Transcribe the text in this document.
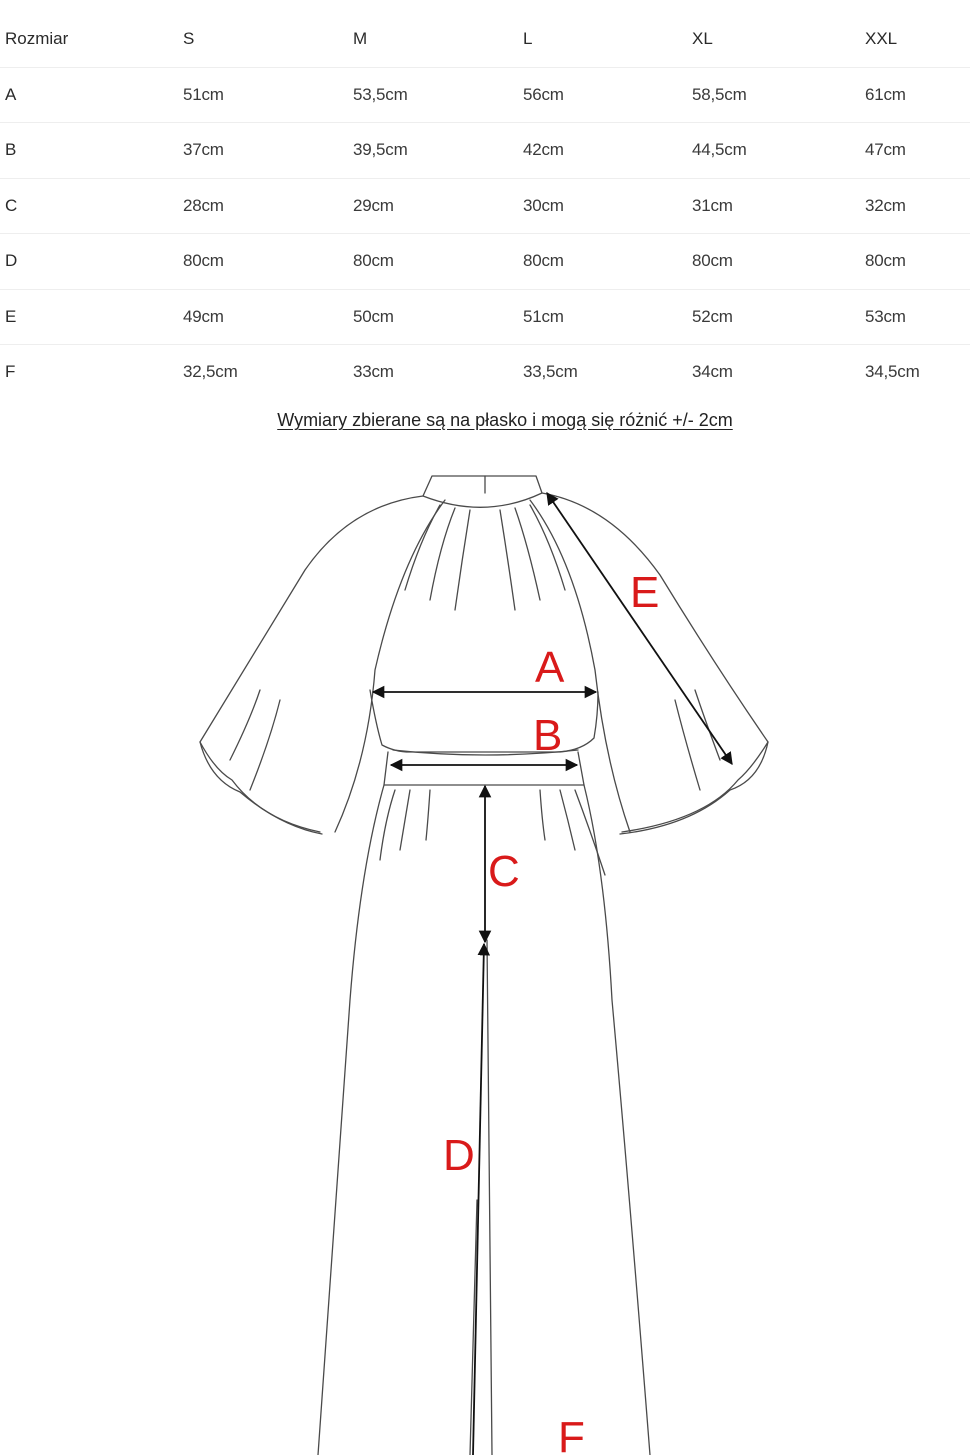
Rozmiar	S	M	L	XL	XXL
A	51cm	53,5cm	56cm	58,5cm	61cm
B	37cm	39,5cm	42cm	44,5cm	47cm
C	28cm	29cm	30cm	31cm	32cm
D	80cm	80cm	80cm	80cm	80cm
E	49cm	50cm	51cm	52cm	53cm
F	32,5cm	33cm	33,5cm	34cm	34,5cm
Wymiary zbierane są na płasko i mogą się różnić +/- 2cm
A
B
C
D
E
F
